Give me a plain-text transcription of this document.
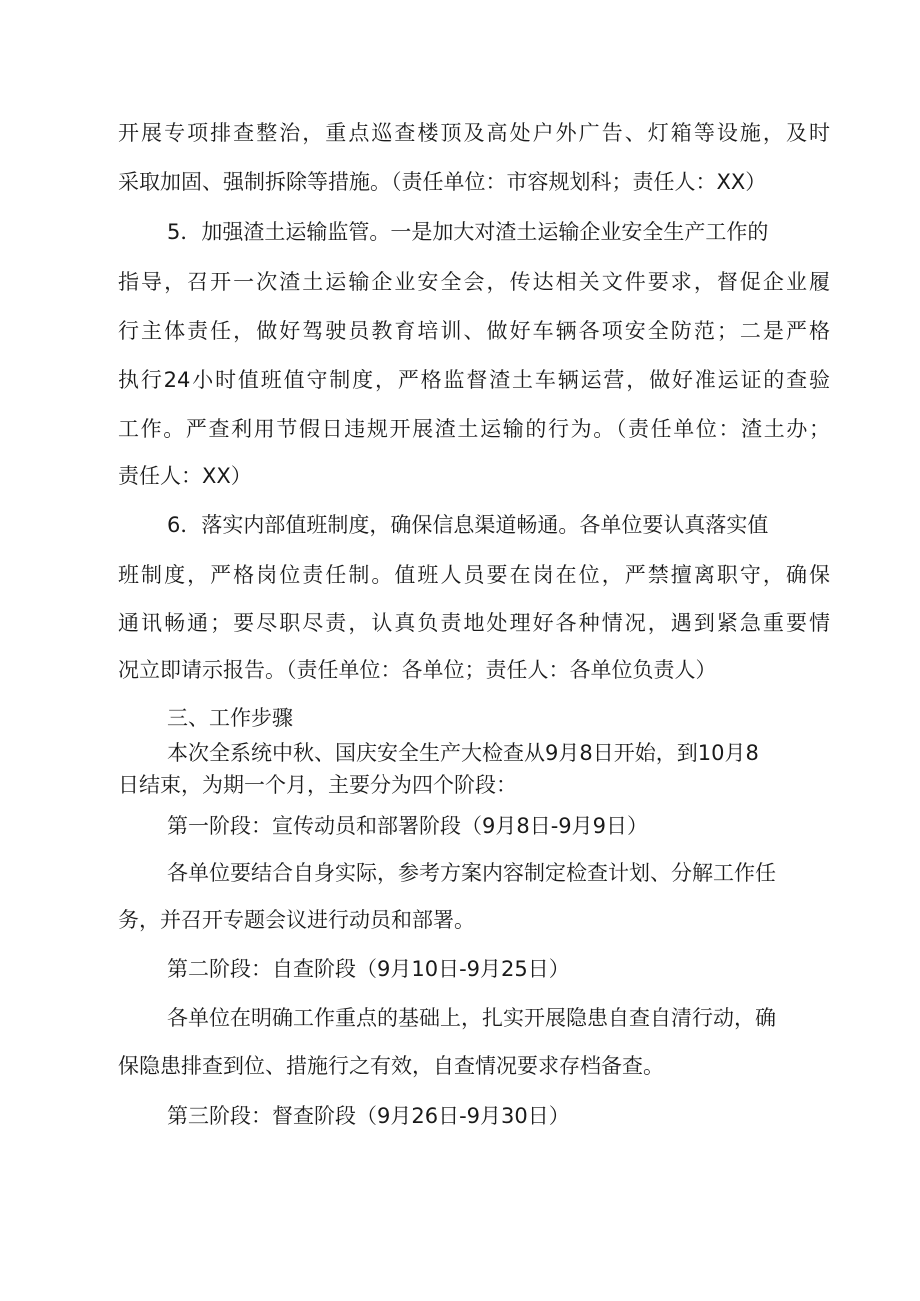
开展专项排查整治，重点巡查楼顶及高处户外广告、灯箱等设施，及时
采取加固、强制拆除等措施。（责任单位：市容规划科；责任人：XX）
5．加强渣土运输监管。一是加大对渣土运输企业安全生产工作的
指导，召开一次渣土运输企业安全会，传达相关文件要求，督促企业履
行主体责任，做好驾驶员教育培训、做好车辆各项安全防范；二是严格
执行24小时值班值守制度，严格监督渣土车辆运营，做好准运证的查验
工作。严查利用节假日违规开展渣土运输的行为。（责任单位：渣土办；
责任人：XX）
6．落实内部值班制度，确保信息渠道畅通。各单位要认真落实值
班制度，严格岗位责任制。值班人员要在岗在位，严禁擅离职守，确保
通讯畅通；要尽职尽责，认真负责地处理好各种情况，遇到紧急重要情
况立即请示报告。（责任单位：各单位；责任人：各单位负责人）
三、工作步骤
本次全系统中秋、国庆安全生产大检查从9月8日开始，到10月8
日结束，为期一个月，主要分为四个阶段：
第一阶段：宣传动员和部署阶段（9月8日-9月9日）
各单位要结合自身实际，参考方案内容制定检查计划、分解工作任
务，并召开专题会议进行动员和部署。
第二阶段：自查阶段（9月10日-9月25日）
各单位在明确工作重点的基础上，扎实开展隐患自查自清行动，确
保隐患排查到位、措施行之有效，自查情况要求存档备查。
第三阶段：督查阶段（9月26日-9月30日）
